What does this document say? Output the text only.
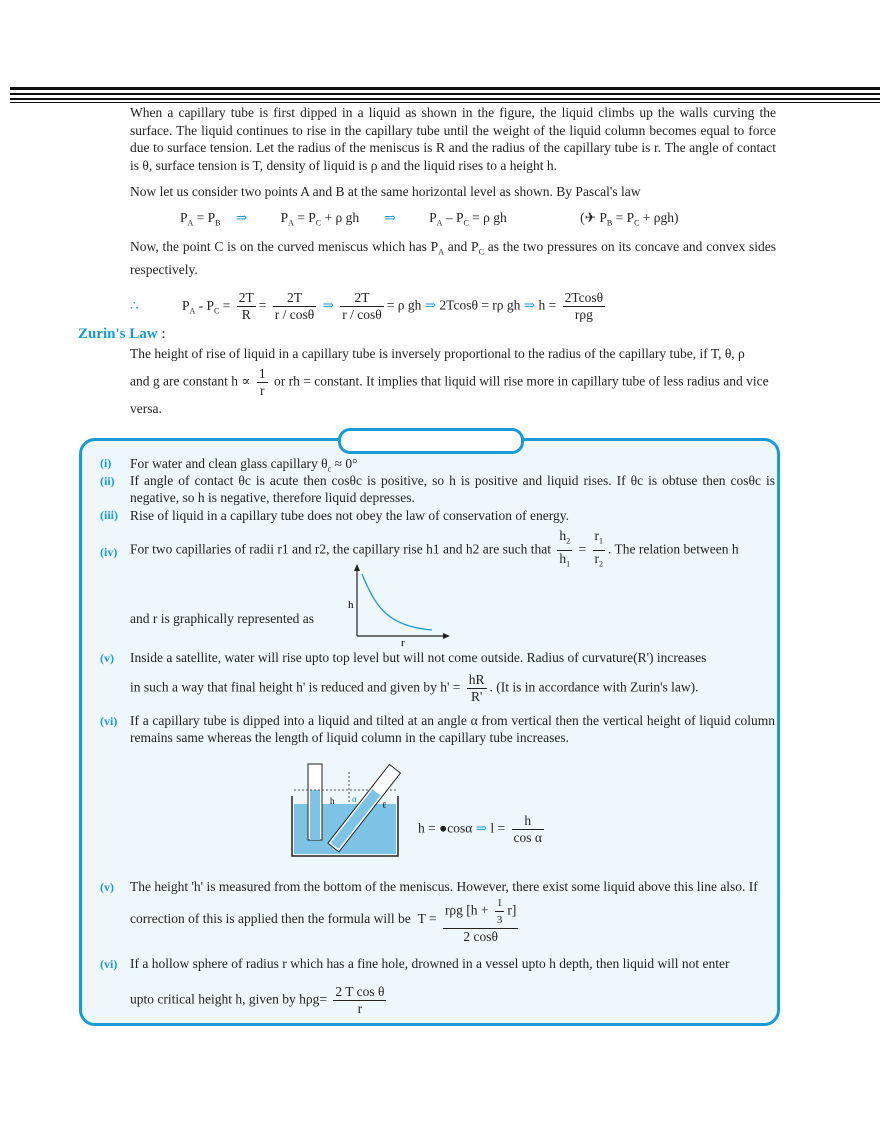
When a capillary tube is first dipped in a liquid as shown in the figure, the liquid climbs up the walls curving the surface. The liquid continues to rise in the capillary tube until the weight of the liquid column becomes equal to force due to surface tension. Let the radius of the meniscus is R and the radius of the capillary tube is r. The angle of contact is θ, surface tension is T, density of liquid is ρ and the liquid rises to a height h.
Now let us consider two points A and B at the same horizontal level as shown. By Pascal's law
$P_A = P_B$ ⇒ $P_A = P_C + \rho$ gh ⇒ $P_A - P_C = \rho$ gh	(✈ $P_B = P_C + \rho gh$)
Now, the point C is on the curved meniscus which has $P_A$ and $P_C$ as the two pressures on its concave and convex sides respectively.
∴	$P_A - P_C = \frac{2T}{R} = \frac{2T}{r / \cos\theta}$ ⇒ $\frac{2T}{r / \cos\theta} = \rho$ gh ⇒ 2Tcosθ = rρ gh ⇒ $h = \frac{2Tcos\theta}{\text{rρg}}$
Zurin's Law :
The height of rise of liquid in a capillary tube is inversely proportional to the radius of the capillary tube, if T, θ, ρ
and g are constant $h \propto \frac{1}{r}$ or rh = constant. It implies that liquid will rise more in capillary tube of less radius and vice
versa.
(i) For water and clean glass capillary $\theta_c \approx 0^\circ$
(ii) If angle of contact θc is acute then cosθc is positive, so h is positive and liquid rises. If θc is obtuse then cosθc is negative, so h is negative, therefore liquid depresses.
(iii) Rise of liquid in a capillary tube does not obey the law of conservation of energy.
(iv) For two capillaries of radii r1 and r2, the capillary rise h1 and h2 are such that $\frac{h_2}{h_1} = \frac{r_1}{r_2}$ . The relation between h
and r is graphically represented as
h
r
(v) Inside a satellite, water will rise upto top level but will not come outside. Radius of curvature(R') increases
in such a way that final height h' is reduced and given by $h' = \frac{hR}{R'}$ . (It is in accordance with Zurin's law).
(vi) If a capillary tube is dipped into a liquid and tilted at an angle α from vertical then the vertical height of liquid column remains same whereas the length of liquid column in the capillary tube increases.
h α
ℓ
h = ●cosα ⇒ $l = \frac{h}{\text{cos α}}$
(v) The height 'h' is measured from the bottom of the meniscus. However, there exist some liquid above this line also. If
correction of this is applied then the formula will be  $T = \frac{r\rho g [h + \frac{1}{3} r]}{2 \cos\theta}$
(vi) If a hollow sphere of radius r which has a fine hole, drowned in a vessel upto h depth, then liquid will not enter
upto critical height h, given by $h\rho g= \frac{\text{2 T cos θ}}{r}$
